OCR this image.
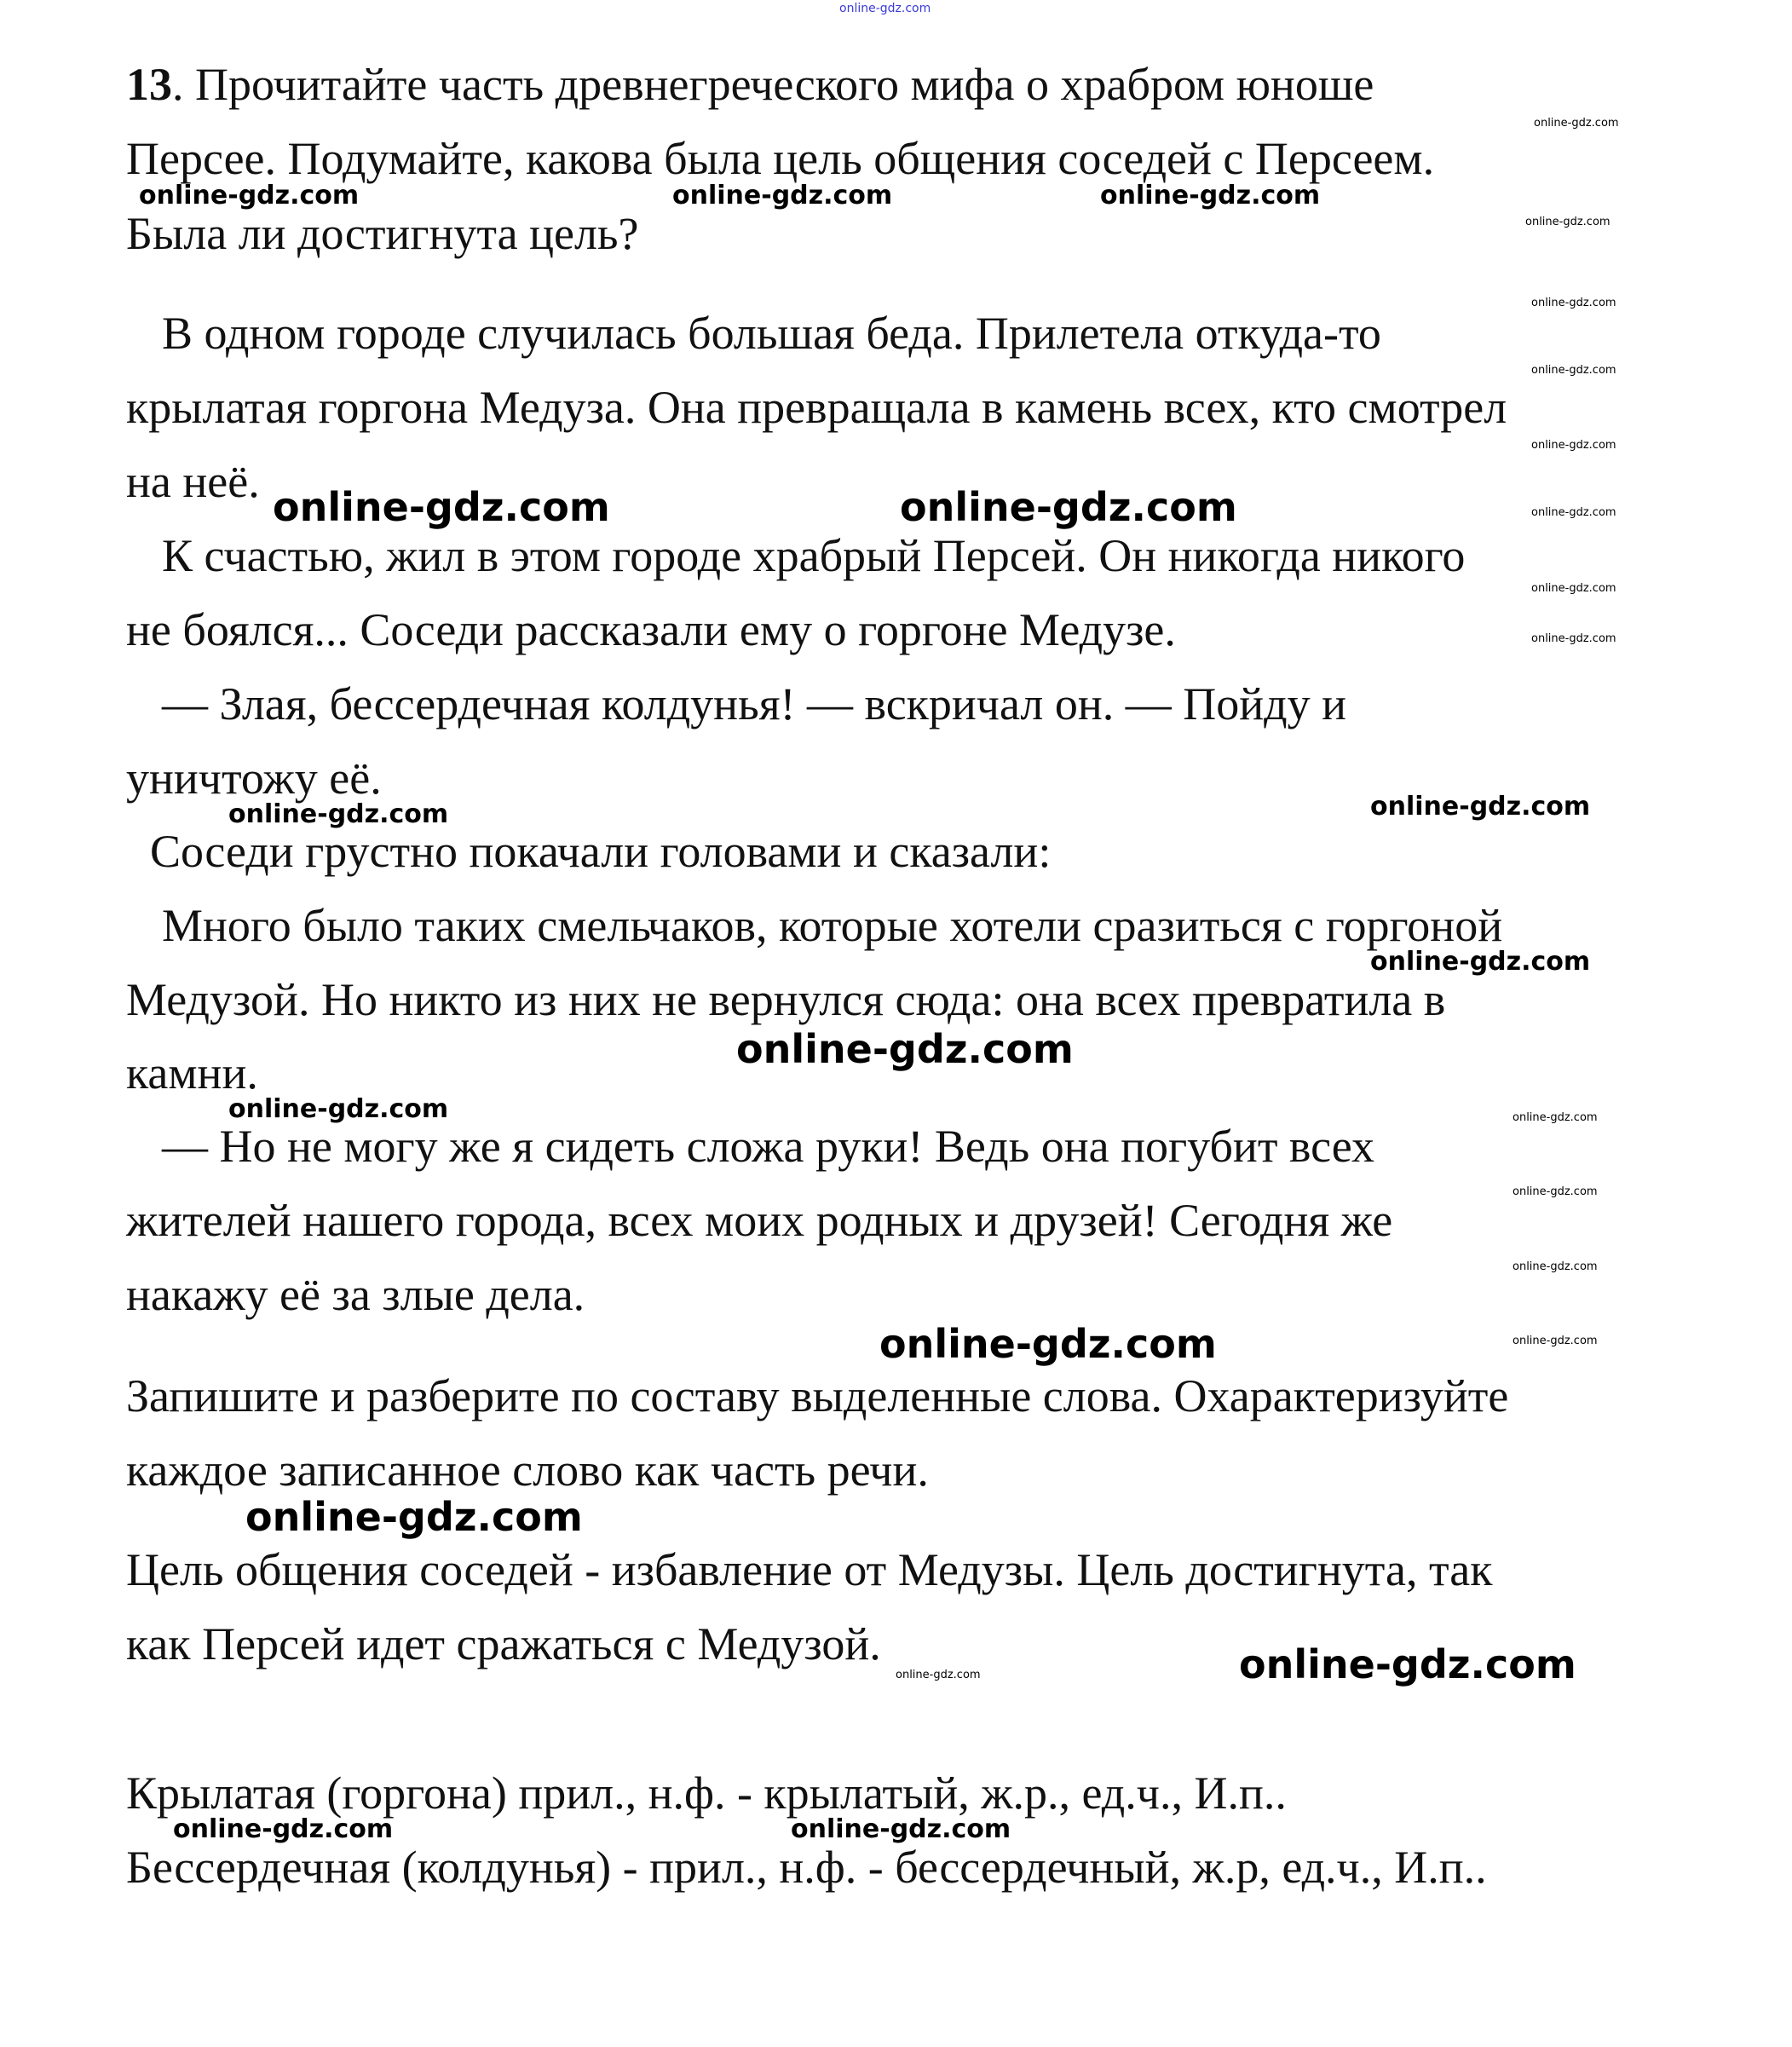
online-gdz.com
13. Прочитайте часть древнегреческого мифа о храбром юноше
Персее. Подумайте, какова была цель общения соседей с Персеем.
Была ли достигнута цель?
В одном городе случилась большая беда. Прилетела откуда-то
крылатая горгона Медуза. Она превращала в камень всех, кто смотрел
на неё.
К счастью, жил в этом городе храбрый Персей. Он никогда никого
не боялся... Соседи рассказали ему о горгоне Медузе.
— Злая, бессердечная колдунья! — вскричал он. — Пойду и
уничтожу её.
Соседи грустно покачали головами и сказали:
Много было таких смельчаков, которые хотели сразиться с горгоной
Медузой. Но никто из них не вернулся сюда: она всех превратила в
камни.
— Но не могу же я сидеть сложа руки! Ведь она погубит всех
жителей нашего города, всех моих родных и друзей! Сегодня же
накажу её за злые дела.
Запишите и разберите по составу выделенные слова. Охарактеризуйте
каждое записанное слово как часть речи.
Цель общения соседей - избавление от Медузы. Цель достигнута, так
как Персей идет сражаться с Медузой.
Крылатая (горгона) прил., н.ф. - крылатый, ж.р., ед.ч., И.п..
Бессердечная (колдунья) - прил., н.ф. - бессердечный, ж.р, ед.ч., И.п..
online-gdz.com
online-gdz.com
online-gdz.com
online-gdz.com
online-gdz.com
online-gdz.com
online-gdz.com
online-gdz.com
online-gdz.com
online-gdz.com
online-gdz.com
online-gdz.com
online-gdz.com
online-gdz.com	online-gdz.com	online-gdz.com
online-gdz.com	online-gdz.com
online-gdz.com
online-gdz.com
online-gdz.com	online-gdz.com
online-gdz.com	online-gdz.com
online-gdz.com
online-gdz.com
online-gdz.com
online-gdz.com
